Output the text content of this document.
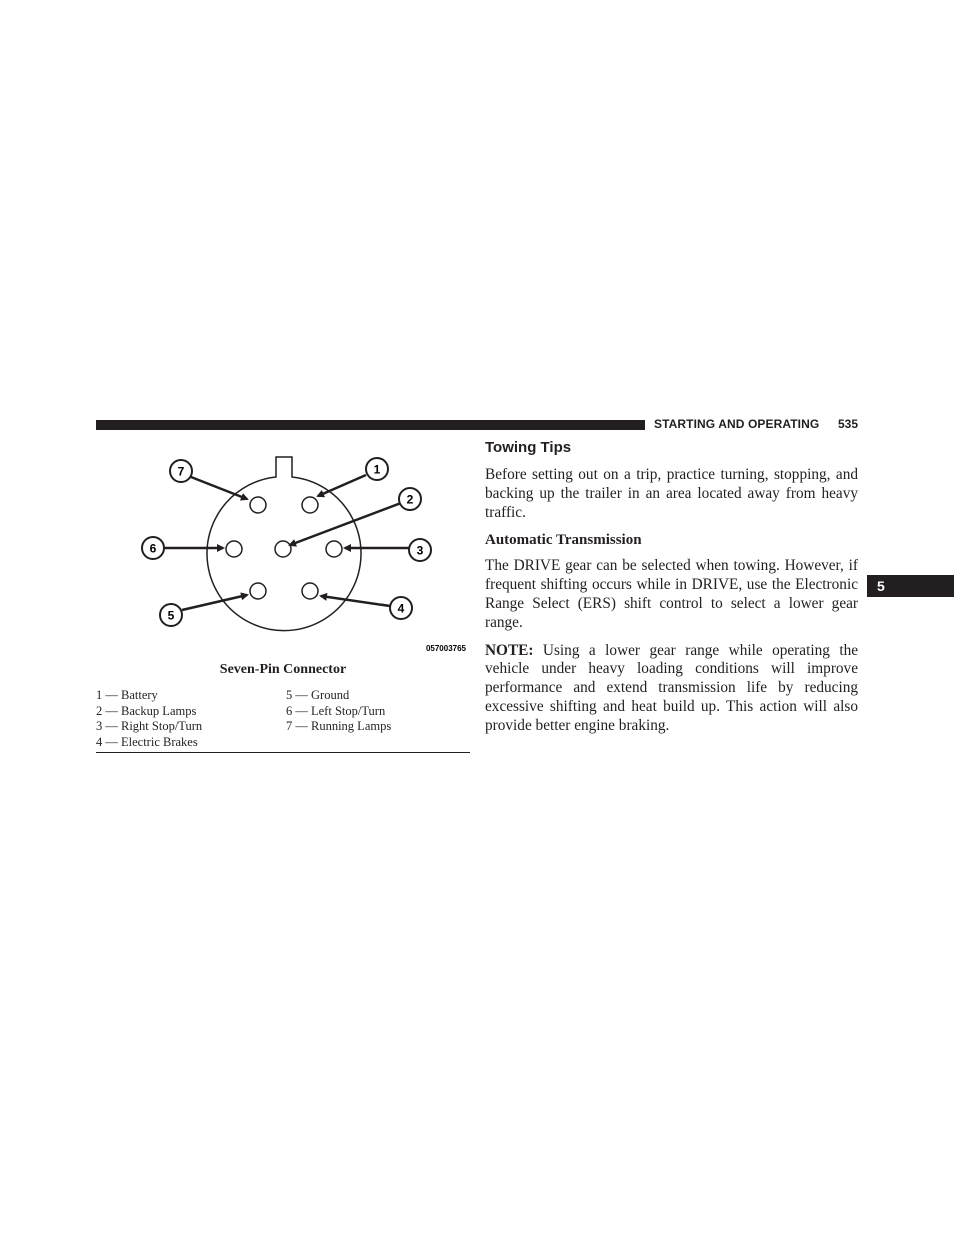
STARTING AND OPERATING 535
5
7	1
2
6	3
5	4
057003765
Seven-Pin Connector
1 — Battery
2 — Backup Lamps
3 — Right Stop/Turn
4 — Electric Brakes
5 — Ground
6 — Left Stop/Turn
7 — Running Lamps
Towing Tips

Before setting out on a trip, practice turning, stopping, and backing up the trailer in an area located away from heavy traffic.

Automatic Transmission

The DRIVE gear can be selected when towing. However, if frequent shifting occurs while in DRIVE, use the Electronic Range Select (ERS) shift control to select a lower gear range.

NOTE: Using a lower gear range while operating the vehicle under heavy loading conditions will improve performance and extend transmission life by reducing excessive shifting and heat build up. This action will also provide better engine braking.
